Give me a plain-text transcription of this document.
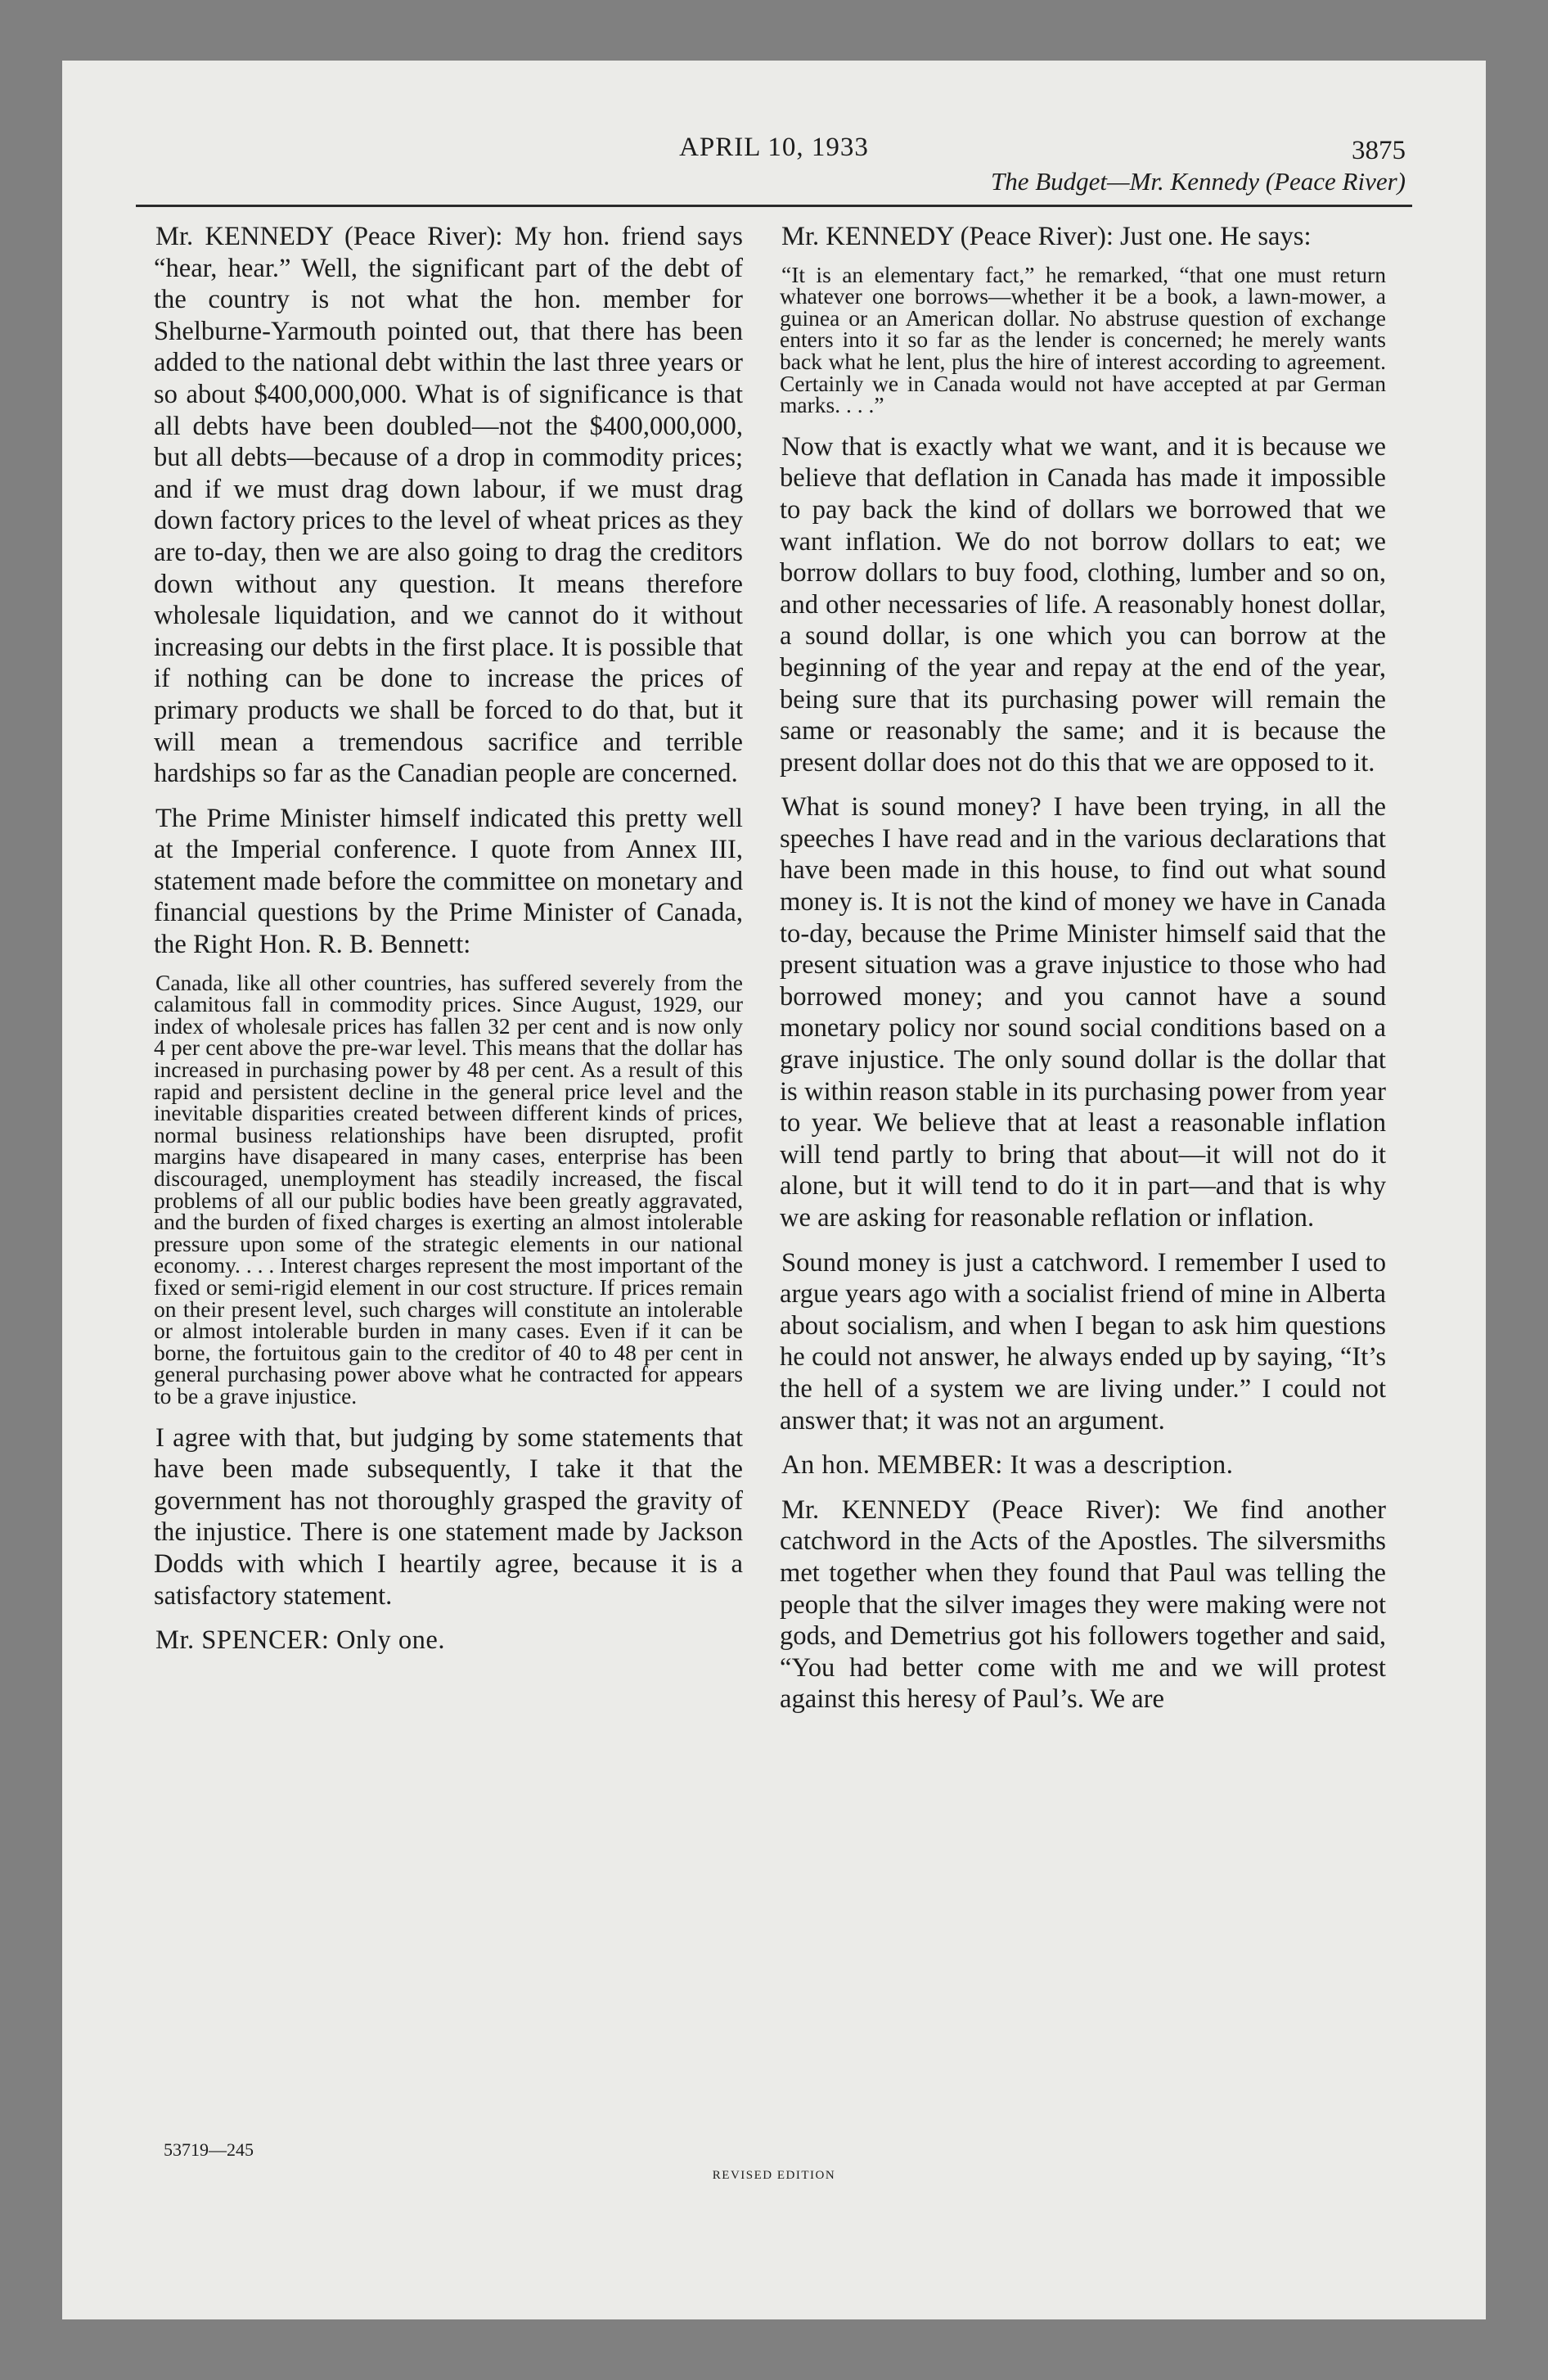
APRIL 10, 1933	3875
The Budget—Mr. Kennedy (Peace River)

Mr. KENNEDY (Peace River): My hon. friend says “hear, hear.” Well, the significant part of the debt of the country is not what the hon. member for Shelburne-Yarmouth pointed out, that there has been added to the national debt within the last three years or so about $400,000,000. What is of significance is that all debts have been doubled—not the $400,000,000, but all debts—because of a drop in commodity prices; and if we must drag down labour, if we must drag down factory prices to the level of wheat prices as they are to-day, then we are also going to drag the creditors down without any question. It means therefore wholesale liquidation, and we cannot do it without increasing our debts in the first place. It is possible that if nothing can be done to increase the prices of primary products we shall be forced to do that, but it will mean a tremendous sacrifice and terrible hardships so far as the Canadian people are concerned.

The Prime Minister himself indicated this pretty well at the Imperial conference. I quote from Annex III, statement made before the committee on monetary and financial questions by the Prime Minister of Canada, the Right Hon. R. B. Bennett:

Canada, like all other countries, has suffered severely from the calamitous fall in commodity prices. Since August, 1929, our index of wholesale prices has fallen 32 per cent and is now only 4 per cent above the pre-war level. This means that the dollar has increased in purchasing power by 48 per cent. As a result of this rapid and persistent decline in the general price level and the inevitable disparities created between different kinds of prices, normal business relationships have been disrupted, profit margins have disapeared in many cases, enterprise has been discouraged, unemployment has steadily increased, the fiscal problems of all our public bodies have been greatly aggravated, and the burden of fixed charges is exerting an almost intolerable pressure upon some of the strategic elements in our national economy. . . . Interest charges represent the most important of the fixed or semi-rigid element in our cost structure. If prices remain on their present level, such charges will constitute an intolerable or almost intolerable burden in many cases. Even if it can be borne, the fortuitous gain to the creditor of 40 to 48 per cent in general purchasing power above what he contracted for appears to be a grave injustice.

I agree with that, but judging by some statements that have been made subsequently, I take it that the government has not thoroughly grasped the gravity of the injustice. There is one statement made by Jackson Dodds with which I heartily agree, because it is a satisfactory statement.

Mr. SPENCER: Only one.

Mr. KENNEDY (Peace River): Just one. He says:

“It is an elementary fact,” he remarked, “that one must return whatever one borrows—whether it be a book, a lawn-mower, a guinea or an American dollar. No abstruse question of exchange enters into it so far as the lender is concerned; he merely wants back what he lent, plus the hire of interest according to agreement. Certainly we in Canada would not have accepted at par German marks. . . .”

Now that is exactly what we want, and it is because we believe that deflation in Canada has made it impossible to pay back the kind of dollars we borrowed that we want inflation. We do not borrow dollars to eat; we borrow dollars to buy food, clothing, lumber and so on, and other necessaries of life. A reasonably honest dollar, a sound dollar, is one which you can borrow at the beginning of the year and repay at the end of the year, being sure that its purchasing power will remain the same or reasonably the same; and it is because the present dollar does not do this that we are opposed to it.

What is sound money? I have been trying, in all the speeches I have read and in the various declarations that have been made in this house, to find out what sound money is. It is not the kind of money we have in Canada to-day, because the Prime Minister himself said that the present situation was a grave injustice to those who had borrowed money; and you cannot have a sound monetary policy nor sound social conditions based on a grave injustice. The only sound dollar is the dollar that is within reason stable in its purchasing power from year to year. We believe that at least a reasonable inflation will tend partly to bring that about—it will not do it alone, but it will tend to do it in part—and that is why we are asking for reasonable reflation or inflation.

Sound money is just a catchword. I remember I used to argue years ago with a socialist friend of mine in Alberta about socialism, and when I began to ask him questions he could not answer, he always ended up by saying, “It’s the hell of a system we are living under.” I could not answer that; it was not an argument.

An hon. MEMBER: It was a description.

Mr. KENNEDY (Peace River): We find another catchword in the Acts of the Apostles. The silversmiths met together when they found that Paul was telling the people that the silver images they were making were not gods, and Demetrius got his followers together and said, “You had better come with me and we will protest against this heresy of Paul’s. We are

53719—245
REVISED EDITION
